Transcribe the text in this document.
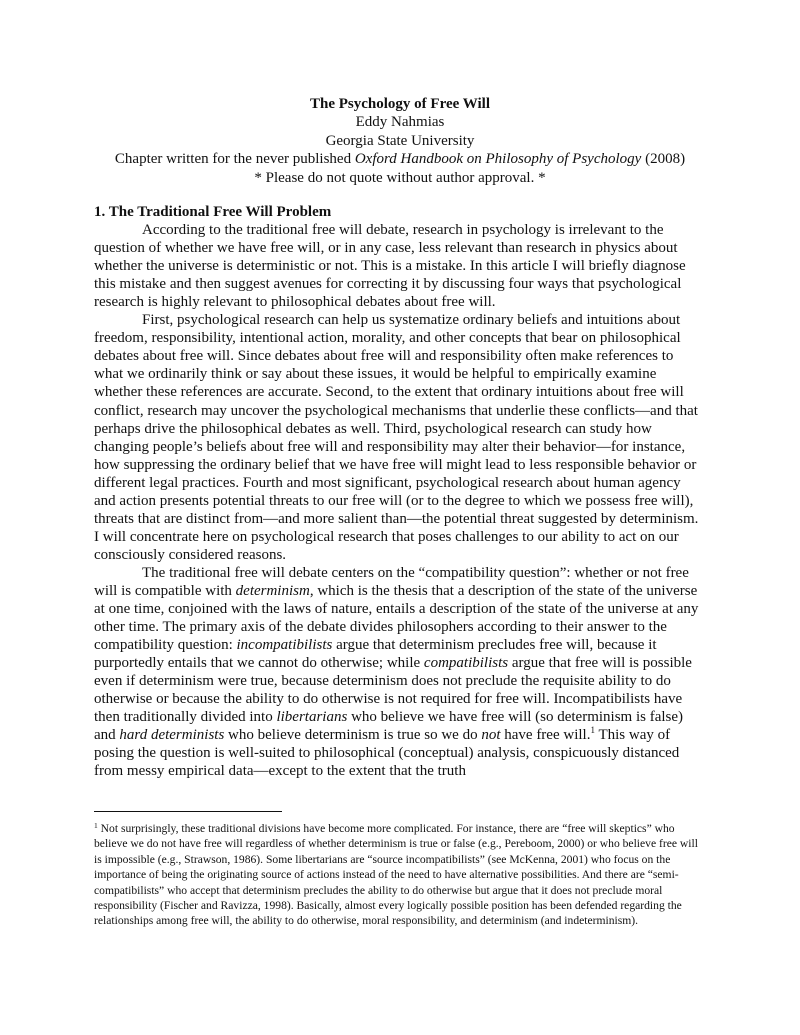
The Psychology of Free Will
Eddy Nahmias
Georgia State University
Chapter written for the never published Oxford Handbook on Philosophy of Psychology (2008)
* Please do not quote without author approval. *

1. The Traditional Free Will Problem

According to the traditional free will debate, research in psychology is irrelevant to the question of whether we have free will, or in any case, less relevant than research in physics about whether the universe is deterministic or not. This is a mistake. In this article I will briefly diagnose this mistake and then suggest avenues for correcting it by discussing four ways that psychological research is highly relevant to philosophical debates about free will.

First, psychological research can help us systematize ordinary beliefs and intuitions about freedom, responsibility, intentional action, morality, and other concepts that bear on philosophical debates about free will. Since debates about free will and responsibility often make references to what we ordinarily think or say about these issues, it would be helpful to empirically examine whether these references are accurate. Second, to the extent that ordinary intuitions about free will conflict, research may uncover the psychological mechanisms that underlie these conflicts—and that perhaps drive the philosophical debates as well. Third, psychological research can study how changing people’s beliefs about free will and responsibility may alter their behavior—for instance, how suppressing the ordinary belief that we have free will might lead to less responsible behavior or different legal practices. Fourth and most significant, psychological research about human agency and action presents potential threats to our free will (or to the degree to which we possess free will), threats that are distinct from—and more salient than—the potential threat suggested by determinism. I will concentrate here on psychological research that poses challenges to our ability to act on our consciously considered reasons.

The traditional free will debate centers on the “compatibility question”: whether or not free will is compatible with determinism, which is the thesis that a description of the state of the universe at one time, conjoined with the laws of nature, entails a description of the state of the universe at any other time. The primary axis of the debate divides philosophers according to their answer to the compatibility question: incompatibilists argue that determinism precludes free will, because it purportedly entails that we cannot do otherwise; while compatibilists argue that free will is possible even if determinism were true, because determinism does not preclude the requisite ability to do otherwise or because the ability to do otherwise is not required for free will. Incompatibilists have then traditionally divided into libertarians who believe we have free will (so determinism is false) and hard determinists who believe determinism is true so we do not have free will.$^1$ This way of posing the question is well-suited to philosophical (conceptual) analysis, conspicuously distanced from messy empirical data—except to the extent that the truth

$^1$ Not surprisingly, these traditional divisions have become more complicated. For instance, there are “free will skeptics” who believe we do not have free will regardless of whether determinism is true or false (e.g., Pereboom, 2000) or who believe free will is impossible (e.g., Strawson, 1986). Some libertarians are “source incompatibilists” (see McKenna, 2001) who focus on the importance of being the originating source of actions instead of the need to have alternative possibilities. And there are “semi-compatibilists” who accept that determinism precludes the ability to do otherwise but argue that it does not preclude moral responsibility (Fischer and Ravizza, 1998). Basically, almost every logically possible position has been defended regarding the relationships among free will, the ability to do otherwise, moral responsibility, and determinism (and indeterminism).
